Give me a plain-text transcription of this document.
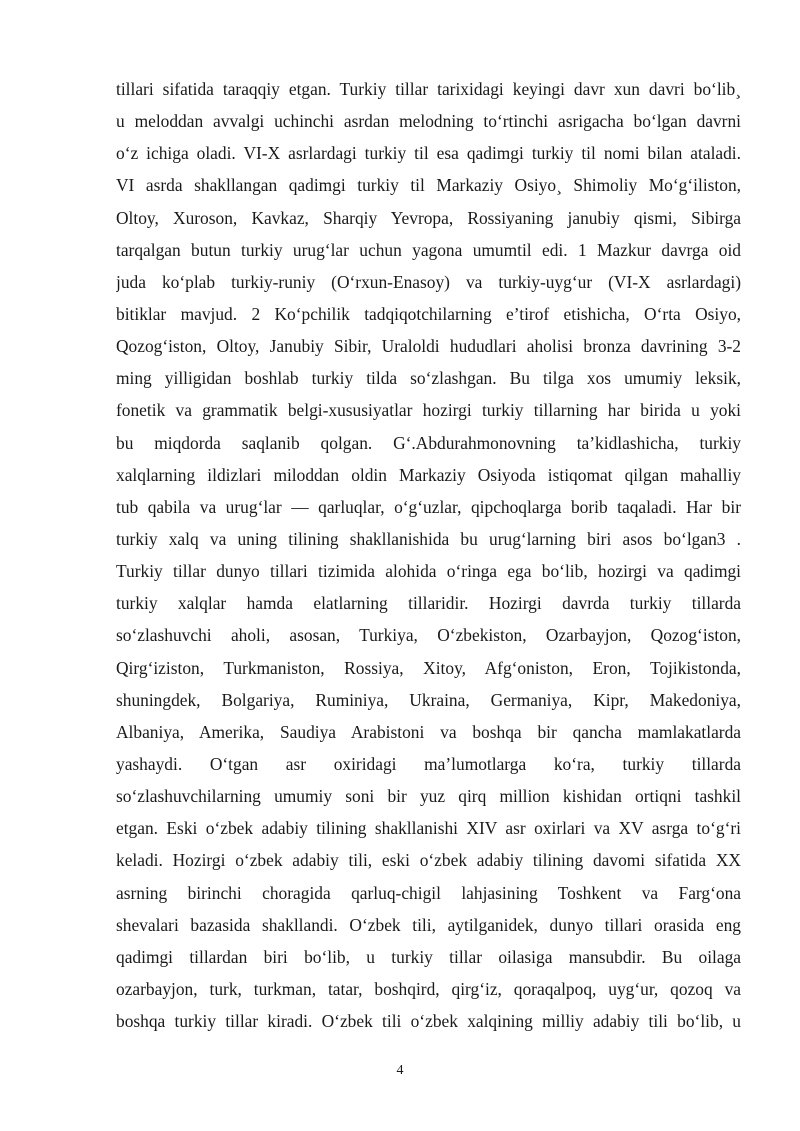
tillari sifatida taraqqiy etgan. Turkiy tillar tarixidagi keyingi davr xun davri bo‘lib¸
u meloddan avvalgi uchinchi asrdan melodning to‘rtinchi asrigacha bo‘lgan davrni
o‘z ichiga oladi. VI-X asrlardagi turkiy til esa qadimgi turkiy til nomi bilan ataladi.
VI asrda shakllangan qadimgi turkiy til Markaziy Osiyo¸ Shimoliy Mo‘g‘iliston,
Oltoy, Xuroson, Kavkaz, Sharqiy Yevropa, Rossiyaning janubiy qismi, Sibirga
tarqalgan butun turkiy urug‘lar uchun yagona umumtil edi. 1 Mazkur davrga oid
juda ko‘plab turkiy-runiy (O‘rxun-Enasoy) va turkiy-uyg‘ur (VI-X asrlardagi)
bitiklar mavjud. 2 Ko‘pchilik tadqiqotchilarning e’tirof etishicha, O‘rta Osiyo,
Qozog‘iston, Oltoy, Janubiy Sibir, Uraloldi hududlari aholisi bronza davrining 3-2
ming yilligidan boshlab turkiy tilda so‘zlashgan. Bu tilga xos umumiy leksik,
fonetik va grammatik belgi-xususiyatlar hozirgi turkiy tillarning har birida u yoki
bu miqdorda saqlanib qolgan. G‘.Abdurahmonovning ta’kidlashicha, turkiy
xalqlarning ildizlari miloddan oldin Markaziy Osiyoda istiqomat qilgan mahalliy
tub qabila va urug‘lar — qarluqlar, o‘g‘uzlar, qipchoqlarga borib taqaladi. Har bir
turkiy xalq va uning tilining shakllanishida bu urug‘larning biri asos bo‘lgan3 .
Turkiy tillar dunyo tillari tizimida alohida o‘ringa ega bo‘lib, hozirgi va qadimgi
turkiy xalqlar hamda elatlarning tillaridir. Hozirgi davrda turkiy tillarda
so‘zlashuvchi aholi, asosan, Turkiya, O‘zbekiston, Ozarbayjon, Qozog‘iston,
Qirg‘iziston, Turkmaniston, Rossiya, Xitoy, Afg‘oniston, Eron, Tojikistonda,
shuningdek, Bolgariya, Ruminiya, Ukraina, Germaniya, Kipr, Makedoniya,
Albaniya, Amerika, Saudiya Arabistoni va boshqa bir qancha mamlakatlarda
yashaydi. O‘tgan asr oxiridagi ma’lumotlarga ko‘ra, turkiy tillarda
so‘zlashuvchilarning umumiy soni bir yuz qirq million kishidan ortiqni tashkil
etgan. Eski o‘zbek adabiy tilining shakllanishi XIV asr oxirlari va XV asrga to‘g‘ri
keladi. Hozirgi o‘zbek adabiy tili, eski o‘zbek adabiy tilining davomi sifatida XX
asrning birinchi choragida qarluq-chigil lahjasining Toshkent va Farg‘ona
shevalari bazasida shakllandi. O‘zbek tili, aytilganidek, dunyo tillari orasida eng
qadimgi tillardan biri bo‘lib, u turkiy tillar oilasiga mansubdir. Bu oilaga
ozarbayjon, turk, turkman, tatar, boshqird, qirg‘iz, qoraqalpoq, uyg‘ur, qozoq va
boshqa turkiy tillar kiradi. O‘zbek tili o‘zbek xalqining milliy adabiy tili bo‘lib, u
4
